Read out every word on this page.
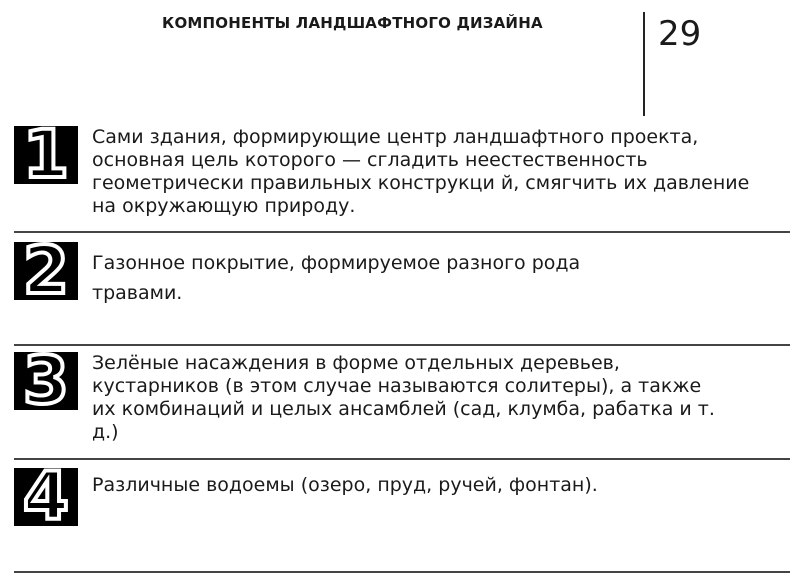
КОМПОНЕНТЫ ЛАНДШАФТНОГО ДИЗАЙНА	29
1	Сами здания, формирующие центр ландшафтного проекта, основная цель которого — сгладить неестественность геометрически правильных конструкци й, смягчить их давление на окружающую природу.
2	Газонное покрытие, формируемое разного рода травами.
3	Зелёные насаждения в форме отдельных деревьев, кустарников (в этом случае называются солитеры), а также их комбинаций и целых ансамблей (сад, клумба, рабатка и т. д.)
4	Различные водоемы (озеро, пруд, ручей, фонтан).
